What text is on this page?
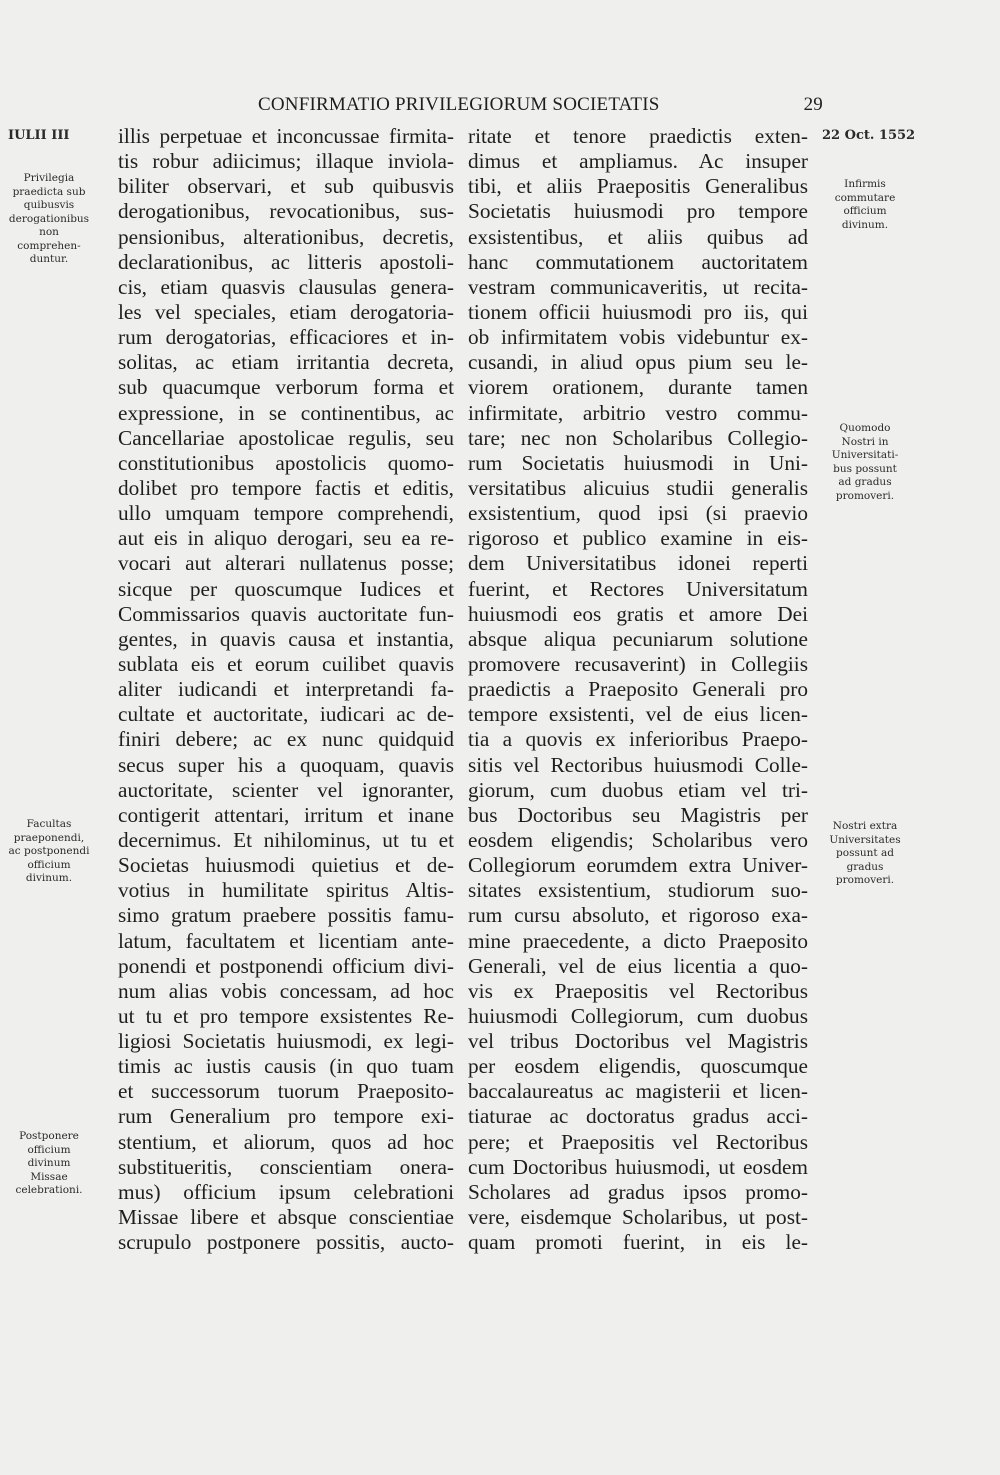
CONFIRMATIO PRIVILEGIORUM SOCIETATIS	29
IULII III
Privilegia
praedicta sub
quibusvis
derogationibus
non
comprehen-
duntur.
Facultas
praeponendi,
ac postponendi
officium
divinum.
Postponere
officium
divinum
Missae
celebrationi.
22 Oct. 1552
Infirmis
commutare
officium
divinum.
Quomodo
Nostri in
Universitati-
bus possunt
ad gradus
promoveri.
Nostri extra
Universitates
possunt ad
gradus
promoveri.
illis perpetuae et inconcussae firmita-
tis robur adiicimus; illaque inviola-
biliter observari, et sub quibusvis
derogationibus, revocationibus, sus-
pensionibus, alterationibus, decretis,
declarationibus, ac litteris apostoli-
cis, etiam quasvis clausulas genera-
les vel speciales, etiam derogatoria-
rum derogatorias, efficaciores et in-
solitas, ac etiam irritantia decreta,
sub quacumque verborum forma et
expressione, in se continentibus, ac
Cancellariae apostolicae regulis, seu
constitutionibus apostolicis quomo-
dolibet pro tempore factis et editis,
ullo umquam tempore comprehendi,
aut eis in aliquo derogari, seu ea re-
vocari aut alterari nullatenus posse;
sicque per quoscumque Iudices et
Commissarios quavis auctoritate fun-
gentes, in quavis causa et instantia,
sublata eis et eorum cuilibet quavis
aliter iudicandi et interpretandi fa-
cultate et auctoritate, iudicari ac de-
finiri debere; ac ex nunc quidquid
secus super his a quoquam, quavis
auctoritate, scienter vel ignoranter,
contigerit attentari, irritum et inane
decernimus. Et nihilominus, ut tu et
Societas huiusmodi quietius et de-
votius in humilitate spiritus Altis-
simo gratum praebere possitis famu-
latum, facultatem et licentiam ante-
ponendi et postponendi officium divi-
num alias vobis concessam, ad hoc
ut tu et pro tempore exsistentes Re-
ligiosi Societatis huiusmodi, ex legi-
timis ac iustis causis (in quo tuam
et successorum tuorum Praeposito-
rum Generalium pro tempore exi-
stentium, et aliorum, quos ad hoc
substitueritis, conscientiam onera-
mus) officium ipsum celebrationi
Missae libere et absque conscientiae
scrupulo postponere possitis, aucto-
ritate et tenore praedictis exten-
dimus et ampliamus. Ac insuper
tibi, et aliis Praepositis Generalibus
Societatis huiusmodi pro tempore
exsistentibus, et aliis quibus ad
hanc commutationem auctoritatem
vestram communicaveritis, ut recita-
tionem officii huiusmodi pro iis, qui
ob infirmitatem vobis videbuntur ex-
cusandi, in aliud opus pium seu le-
viorem orationem, durante tamen
infirmitate, arbitrio vestro commu-
tare; nec non Scholaribus Collegio-
rum Societatis huiusmodi in Uni-
versitatibus alicuius studii generalis
exsistentium, quod ipsi (si praevio
rigoroso et publico examine in eis-
dem Universitatibus idonei reperti
fuerint, et Rectores Universitatum
huiusmodi eos gratis et amore Dei
absque aliqua pecuniarum solutione
promovere recusaverint) in Collegiis
praedictis a Praeposito Generali pro
tempore exsistenti, vel de eius licen-
tia a quovis ex inferioribus Praepo-
sitis vel Rectoribus huiusmodi Colle-
giorum, cum duobus etiam vel tri-
bus Doctoribus seu Magistris per
eosdem eligendis; Scholaribus vero
Collegiorum eorumdem extra Univer-
sitates exsistentium, studiorum suo-
rum cursu absoluto, et rigoroso exa-
mine praecedente, a dicto Praeposito
Generali, vel de eius licentia a quo-
vis ex Praepositis vel Rectoribus
huiusmodi Collegiorum, cum duobus
vel tribus Doctoribus vel Magistris
per eosdem eligendis, quoscumque
baccalaureatus ac magisterii et licen-
tiaturae ac doctoratus gradus acci-
pere; et Praepositis vel Rectoribus
cum Doctoribus huiusmodi, ut eosdem
Scholares ad gradus ipsos promo-
vere, eisdemque Scholaribus, ut post-
quam promoti fuerint, in eis le-
